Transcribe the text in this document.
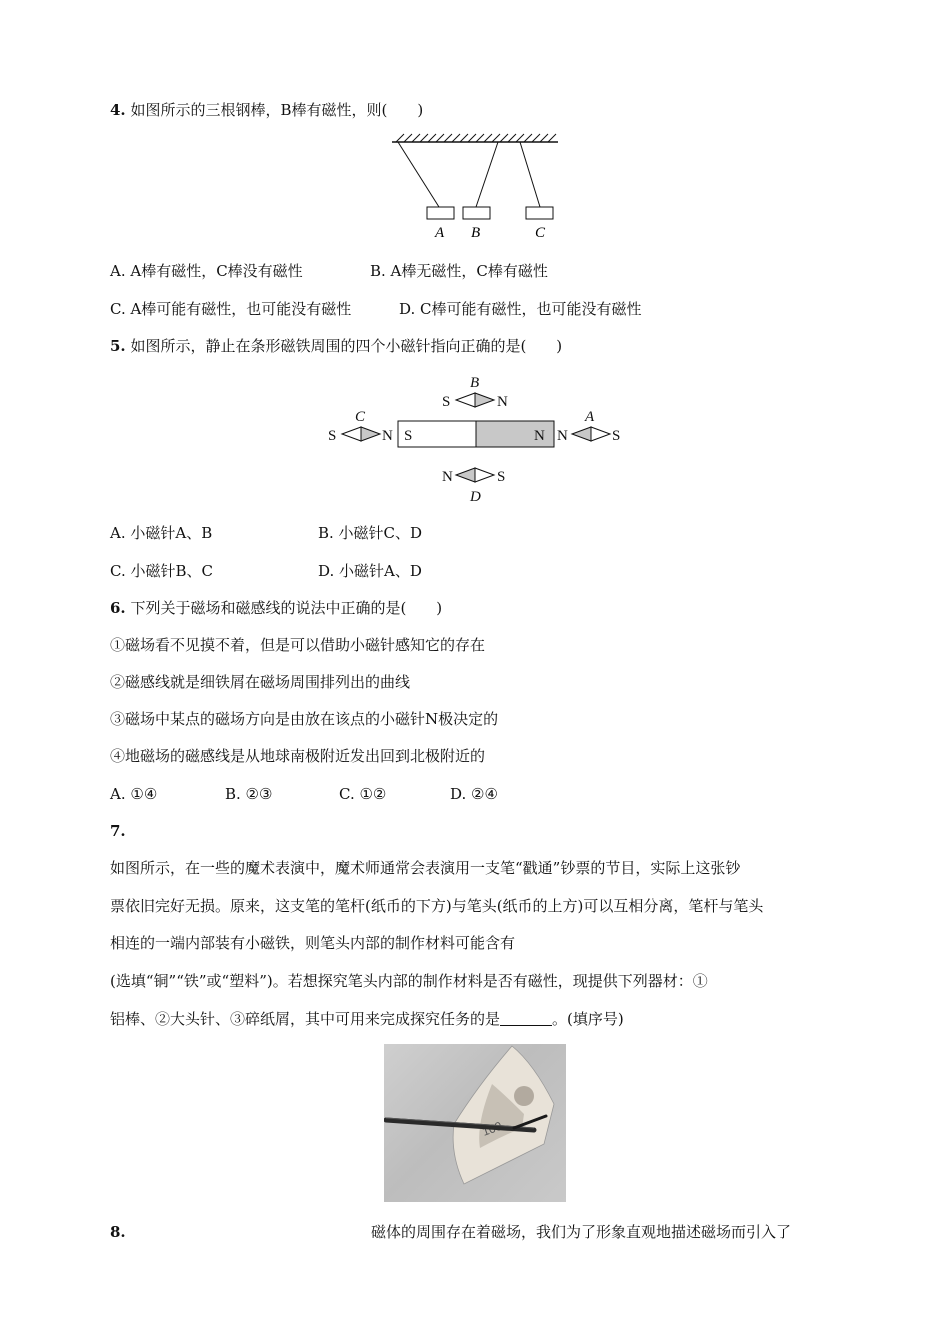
4. 如图所示的三根钢棒，B棒有磁性，则(　　)
A B	C
A. A棒有磁性，C棒没有磁性	B. A棒无磁性，C棒有磁性
C. A棒可能有磁性，也可能没有磁性	D. C棒可能有磁性，也可能没有磁性
5. 如图所示，静止在条形磁铁周围的四个小磁针指向正确的是(　　)
S	N
B
S	N
C
S	N
A
N	S
N	S
D
A. 小磁针A、B	B. 小磁针C、D
C. 小磁针B、C	D. 小磁针A、D
6. 下列关于磁场和磁感线的说法中正确的是(　　)
①磁场看不见摸不着，但是可以借助小磁针感知它的存在
②磁感线就是细铁屑在磁场周围排列出的曲线
③磁场中某点的磁场方向是由放在该点的小磁针N极决定的
④地磁场的磁感线是从地球南极附近发出回到北极附近的
A. ①④	B. ②③	C. ①②	D. ②④
7.
如图所示，在一些的魔术表演中，魔术师通常会表演用一支笔“戳通”钞票的节目，实际上这张钞
票依旧完好无损。原来，这支笔的笔杆(纸币的下方)与笔头(纸币的上方)可以互相分离，笔杆与笔头
相连的一端内部装有小磁铁，则笔头内部的制作材料可能含有
(选填“铜”“铁”或“塑料”)。若想探究笔头内部的制作材料是否有磁性，现提供下列器材：①
铝棒、②大头针、③碎纸屑，其中可用来完成探究任务的是	。(填序号)
8.	磁体的周围存在着磁场，我们为了形象直观地描述磁场而引入了
